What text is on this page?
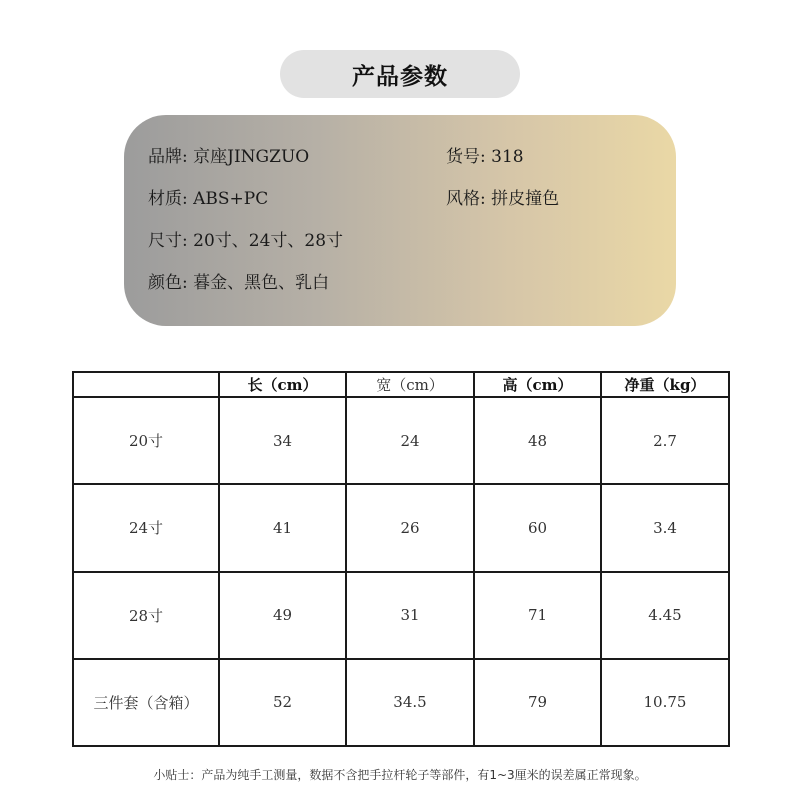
产品参数
品牌: 京座JINGZUO	货号: 318
材质: ABS+PC	风格: 拼皮撞色
尺寸: 20寸、24寸、28寸
颜色: 暮金、黑色、乳白
	长（cm）	宽（cm）	高（cm）	净重（kg）
20寸	34	24	48	2.7
24寸	41	26	60	3.4
28寸	49	31	71	4.45
三件套（含箱）	52	34.5	79	10.75
小贴士：产品为纯手工测量，数据不含把手拉杆轮子等部件，有1~3厘米的误差属正常现象。
